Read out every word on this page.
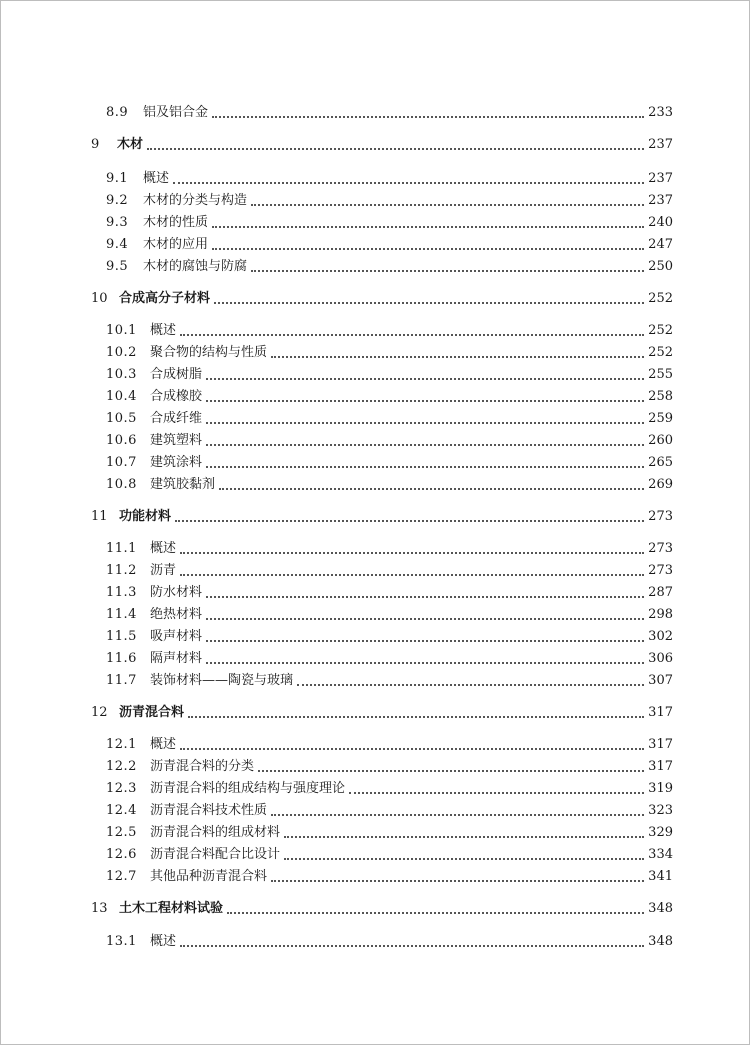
8.9	铝及铝合金	233
9	木材	237
9.1	概述	237
9.2	木材的分类与构造	237
9.3	木材的性质	240
9.4	木材的应用	247
9.5	木材的腐蚀与防腐	250
10 合成高分子材料	252
10.1	概述	252
10.2	聚合物的结构与性质	252
10.3	合成树脂	255
10.4	合成橡胶	258
10.5	合成纤维	259
10.6	建筑塑料	260
10.7	建筑涂料	265
10.8	建筑胶黏剂	269
11 功能材料	273
11.1	概述	273
11.2	沥青	273
11.3	防水材料	287
11.4	绝热材料	298
11.5	吸声材料	302
11.6	隔声材料	306
11.7	装饰材料——陶瓷与玻璃	307
12 沥青混合料	317
12.1	概述	317
12.2	沥青混合料的分类	317
12.3	沥青混合料的组成结构与强度理论	319
12.4	沥青混合料技术性质	323
12.5	沥青混合料的组成材料	329
12.6	沥青混合料配合比设计	334
12.7	其他品种沥青混合料	341
13 土木工程材料试验	348
13.1	概述	348
